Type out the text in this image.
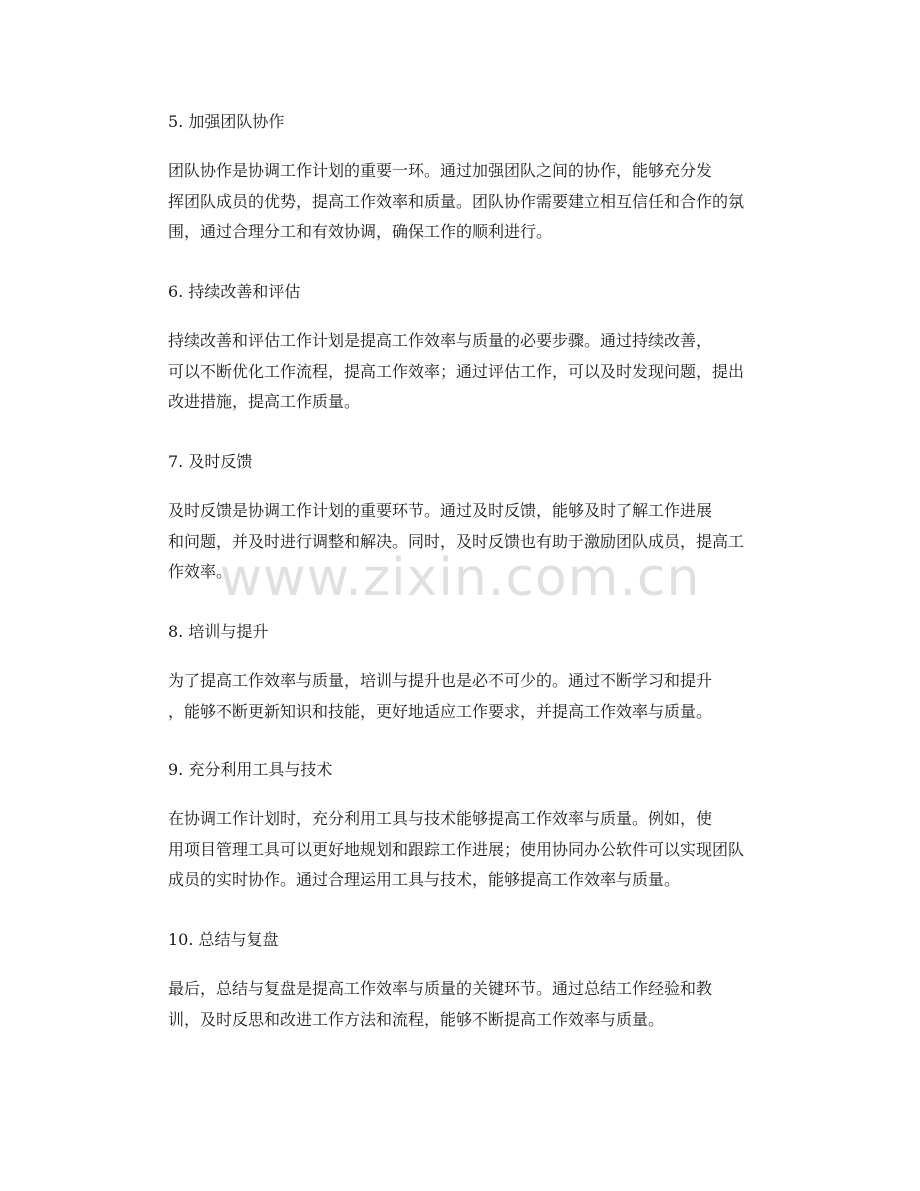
5. 加强团队协作

团队协作是协调工作计划的重要一环。通过加强团队之间的协作，能够充分发
挥团队成员的优势，提高工作效率和质量。团队协作需要建立相互信任和合作的氛
围，通过合理分工和有效协调，确保工作的顺利进行。

6. 持续改善和评估

持续改善和评估工作计划是提高工作效率与质量的必要步骤。通过持续改善，
可以不断优化工作流程，提高工作效率；通过评估工作，可以及时发现问题，提出
改进措施，提高工作质量。

7. 及时反馈

及时反馈是协调工作计划的重要环节。通过及时反馈，能够及时了解工作进展
和问题，并及时进行调整和解决。同时，及时反馈也有助于激励团队成员，提高工
作效率。

8. 培训与提升

为了提高工作效率与质量，培训与提升也是必不可少的。通过不断学习和提升
，能够不断更新知识和技能，更好地适应工作要求，并提高工作效率与质量。

9. 充分利用工具与技术

在协调工作计划时，充分利用工具与技术能够提高工作效率与质量。例如，使
用项目管理工具可以更好地规划和跟踪工作进展；使用协同办公软件可以实现团队
成员的实时协作。通过合理运用工具与技术，能够提高工作效率与质量。

10. 总结与复盘

最后，总结与复盘是提高工作效率与质量的关键环节。通过总结工作经验和教
训，及时反思和改进工作方法和流程，能够不断提高工作效率与质量。
www.zixin.com.cn
